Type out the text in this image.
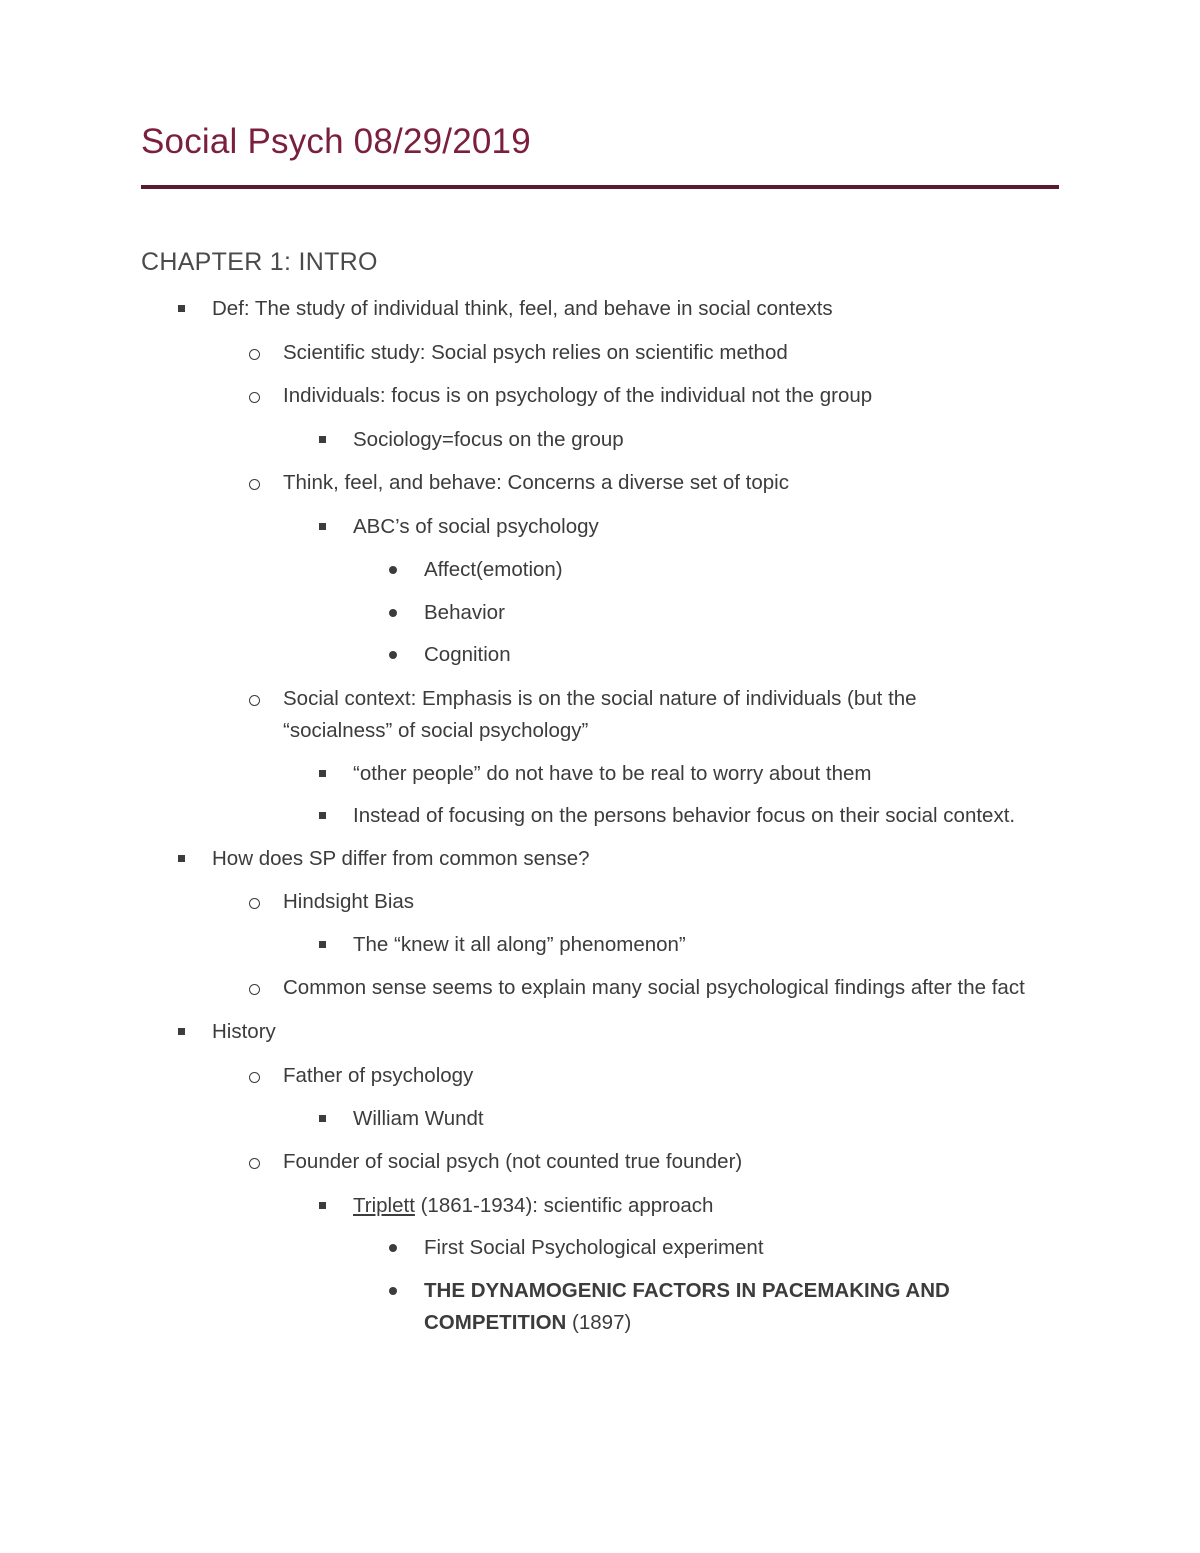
Social Psych 08/29/2019
CHAPTER 1: INTRO
Def: The study of individual think, feel, and behave in social contexts
Scientific study: Social psych relies on scientific method
Individuals: focus is on psychology of the individual not the group
Sociology=focus on the group
Think, feel, and behave: Concerns a diverse set of topic
ABC’s of social psychology
Affect(emotion)
Behavior
Cognition
Social context: Emphasis is on the social nature of individuals (but the
“socialness” of social psychology”
“other people” do not have to be real to worry about them
Instead of focusing on the persons behavior focus on their social context.
How does SP differ from common sense?
Hindsight Bias
The “knew it all along” phenomenon”
Common sense seems to explain many social psychological findings after the fact
History
Father of psychology
William Wundt
Founder of social psych (not counted true founder)
Triplett (1861-1934): scientific approach
First Social Psychological experiment
THE DYNAMOGENIC FACTORS IN PACEMAKING AND
COMPETITION (1897)
